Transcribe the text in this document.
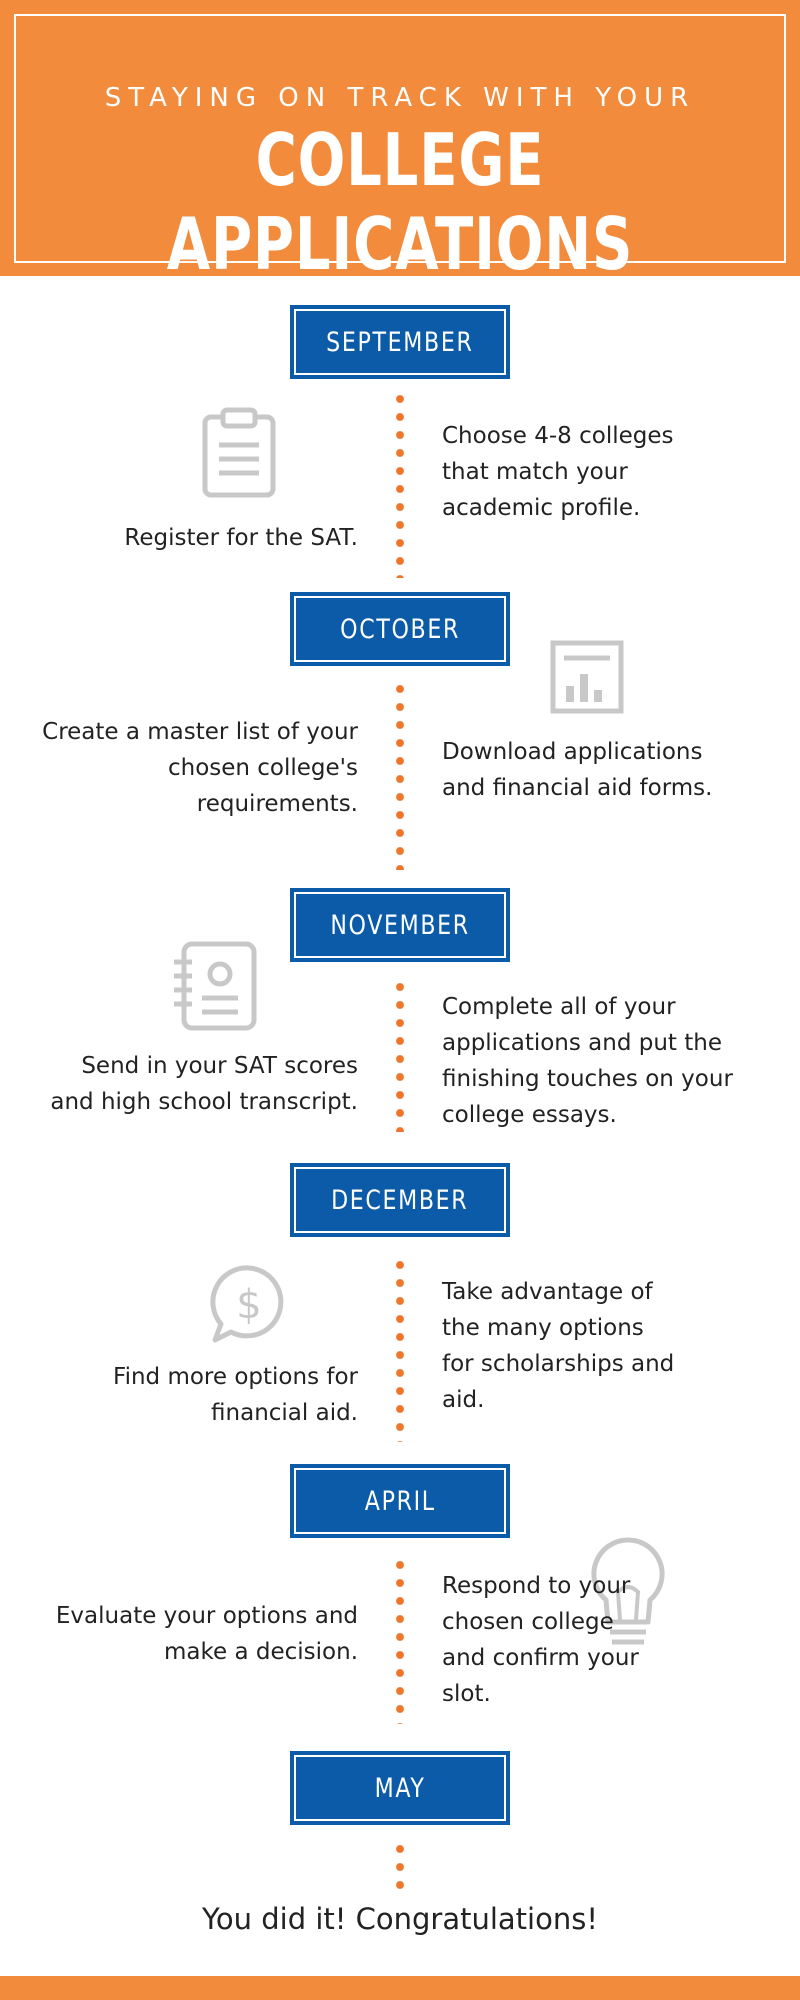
STAYING ON TRACK WITH YOUR
COLLEGE APPLICATIONS
SEPTEMBER
Register for the SAT.
Choose 4-8 colleges that match your academic profile.
OCTOBER
Create a master list of your chosen college's requirements.
Download applications and financial aid forms.
NOVEMBER
Send in your SAT scores and high school transcript.
Complete all of your applications and put the finishing touches on your college essays.
DECEMBER
$
Find more options for financial aid.
Take advantage of the many options for scholarships and aid.
APRIL
Evaluate your options and make a decision.
Respond to your chosen college and confirm your slot.
MAY
You did it! Congratulations!
